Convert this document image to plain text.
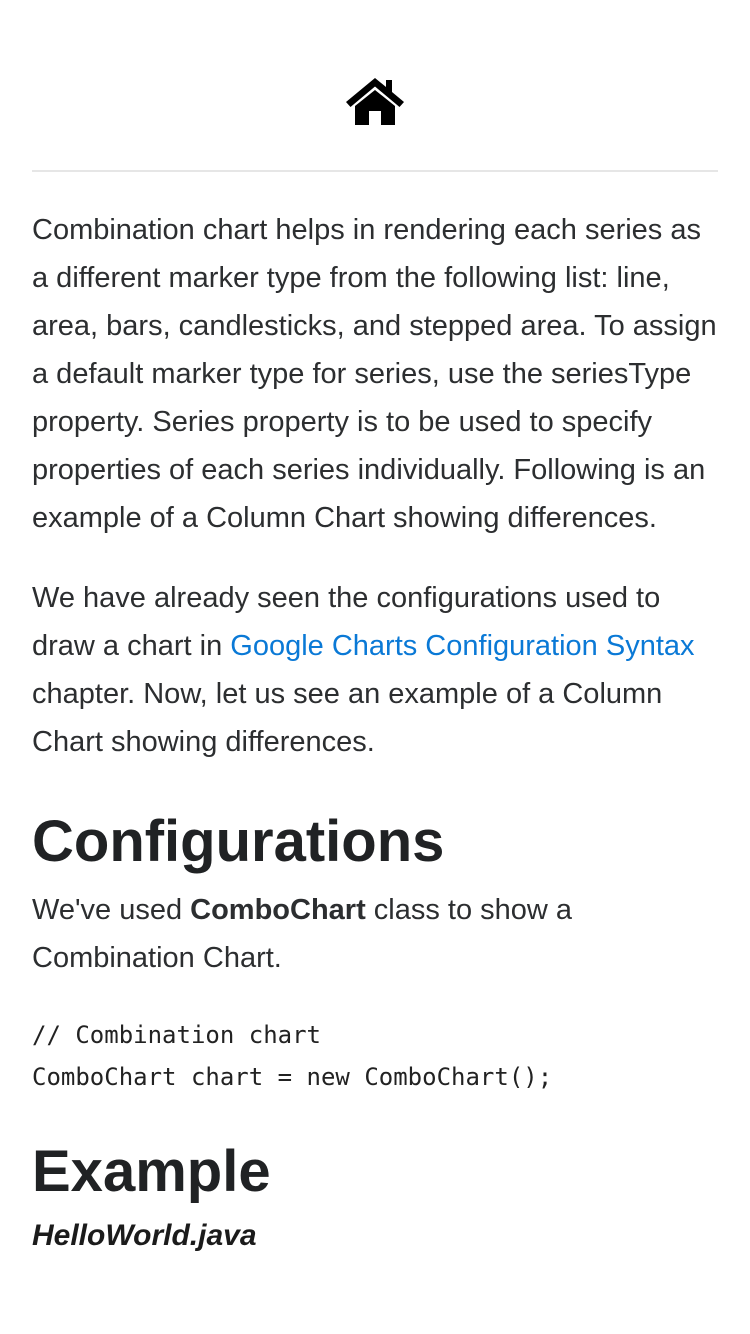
Combination chart helps in rendering each series as a different marker type from the following list: line, area, bars, candlesticks, and stepped area. To assign a default marker type for series, use the seriesType property. Series property is to be used to specify properties of each series individually. Following is an example of a Column Chart showing differences.

We have already seen the configurations used to draw a chart in Google Charts Configuration Syntax chapter. Now, let us see an example of a Column Chart showing differences.

Configurations

We've used ComboChart class to show a Combination Chart.

// Combination chart
ComboChart chart = new ComboChart();
Example
HelloWorld.java
